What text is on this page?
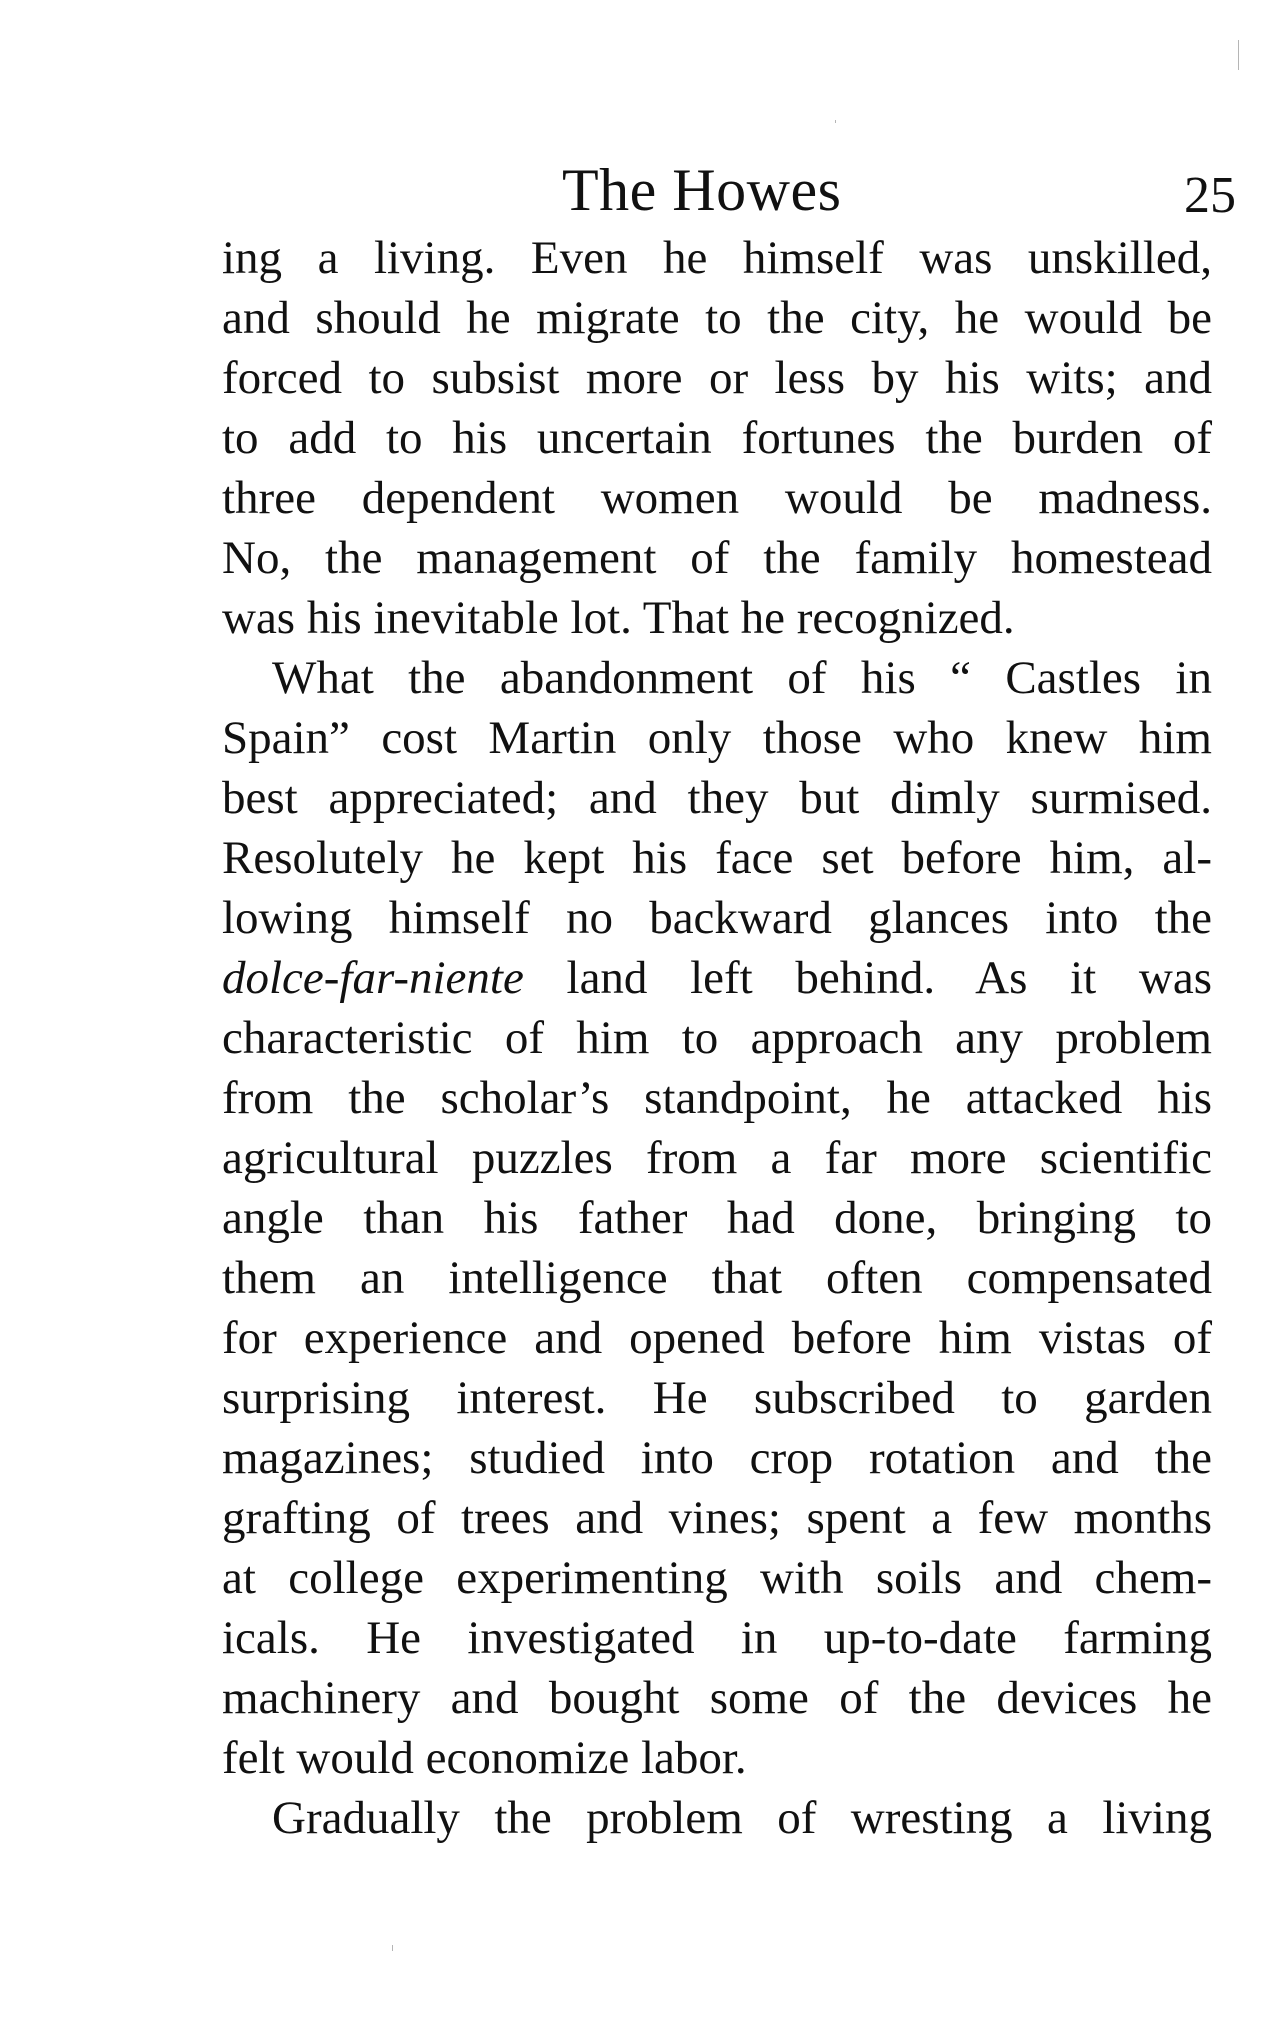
The Howes	25
ing a living. Even he himself was unskilled,
and should he migrate to the city, he would be
forced to subsist more or less by his wits; and
to add to his uncertain fortunes the burden of
three dependent women would be madness.
No, the management of the family homestead
was his inevitable lot. That he recognized.
What the abandonment of his “ Castles in
Spain” cost Martin only those who knew him
best appreciated; and they but dimly surmised.
Resolutely he kept his face set before him, al-
lowing himself no backward glances into the
dolce-far-niente land left behind. As it was
characteristic of him to approach any problem
from the scholar’s standpoint, he attacked his
agricultural puzzles from a far more scientific
angle than his father had done, bringing to
them an intelligence that often compensated
for experience and opened before him vistas of
surprising interest. He subscribed to garden
magazines; studied into crop rotation and the
grafting of trees and vines; spent a few months
at college experimenting with soils and chem-
icals. He investigated in up-to-date farming
machinery and bought some of the devices he
felt would economize labor.
Gradually the problem of wresting a living
